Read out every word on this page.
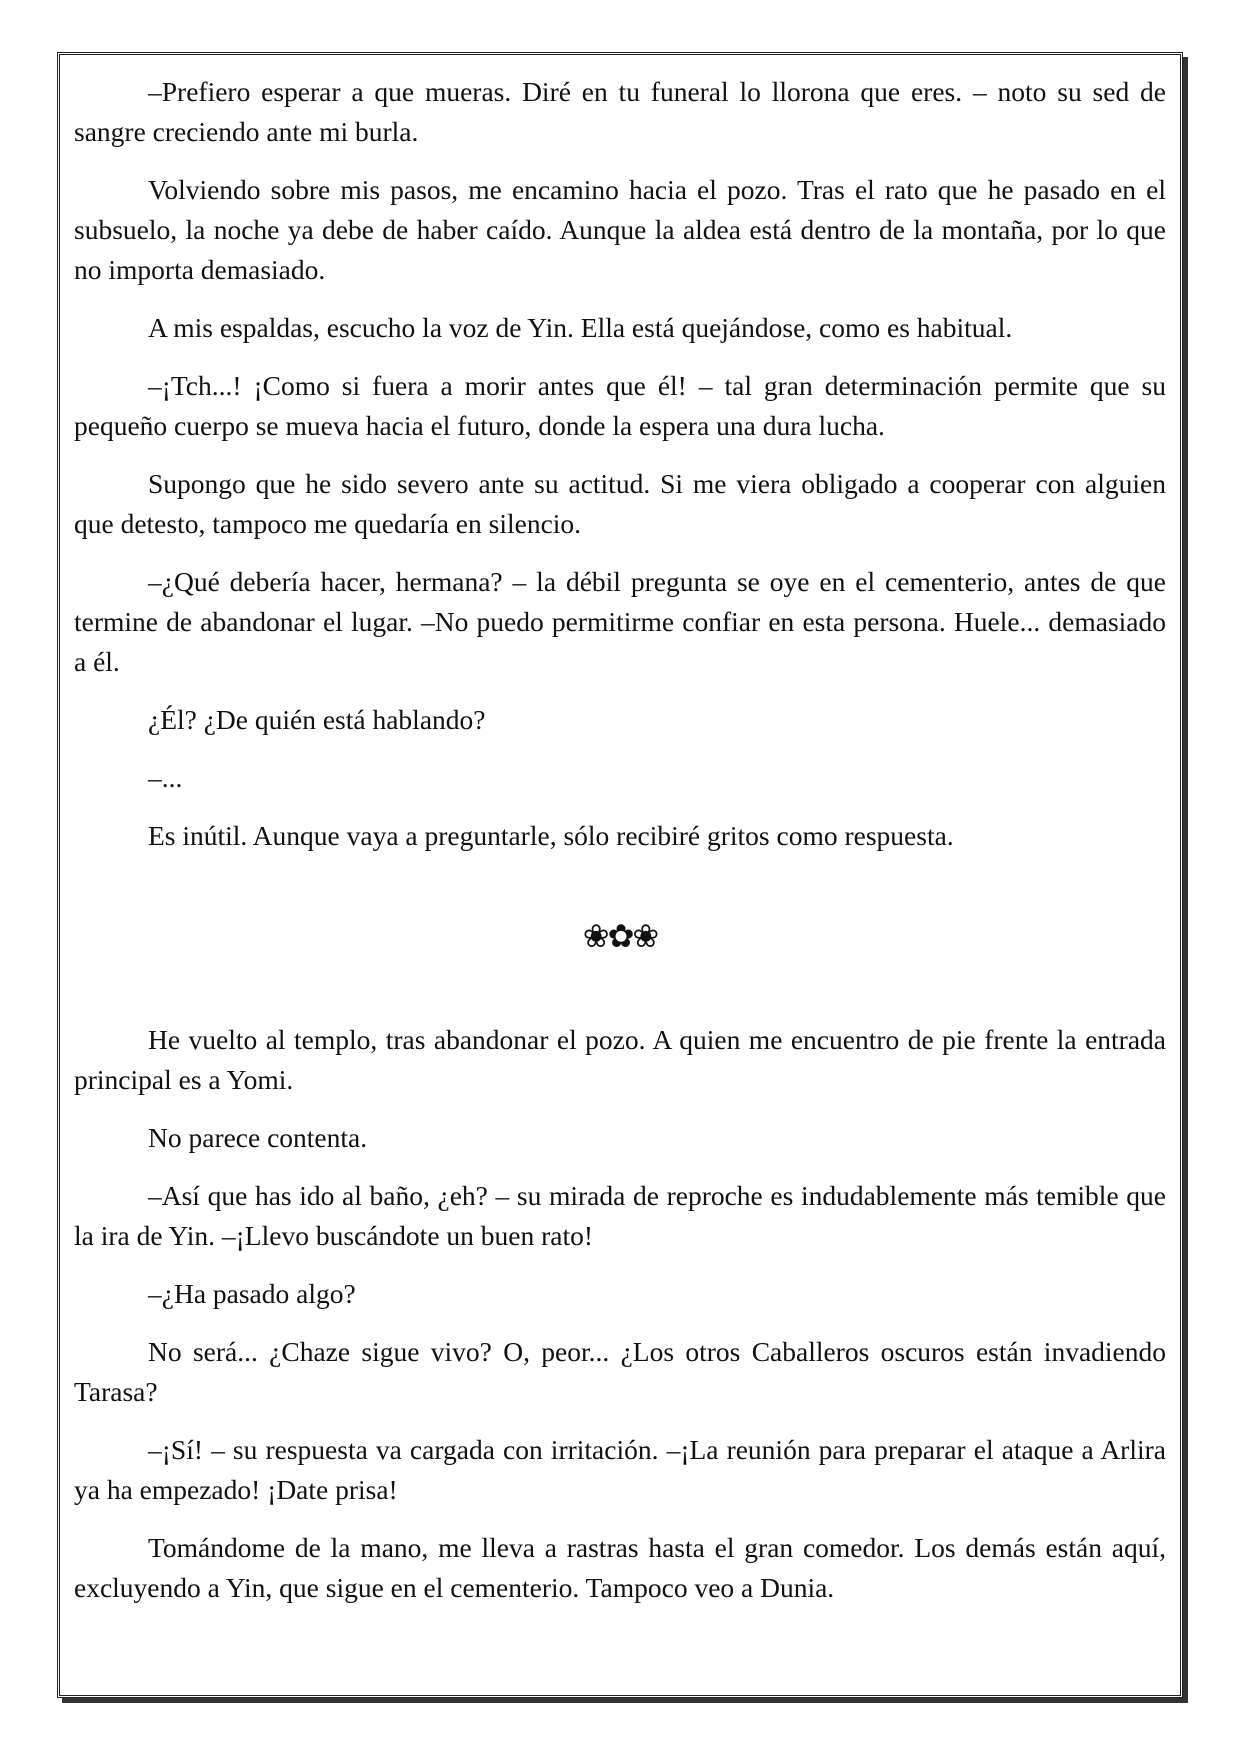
–Prefiero esperar a que mueras. Diré en tu funeral lo llorona que eres. – noto su sed de sangre creciendo ante mi burla.

Volviendo sobre mis pasos, me encamino hacia el pozo. Tras el rato que he pasado en el subsuelo, la noche ya debe de haber caído. Aunque la aldea está dentro de la montaña, por lo que no importa demasiado.

A mis espaldas, escucho la voz de Yin. Ella está quejándose, como es habitual.

–¡Tch...! ¡Como si fuera a morir antes que él! – tal gran determinación permite que su pequeño cuerpo se mueva hacia el futuro, donde la espera una dura lucha.

Supongo que he sido severo ante su actitud. Si me viera obligado a cooperar con alguien que detesto, tampoco me quedaría en silencio.

–¿Qué debería hacer, hermana? – la débil pregunta se oye en el cementerio, antes de que termine de abandonar el lugar. –No puedo permitirme confiar en esta persona. Huele... demasiado a él.

¿Él? ¿De quién está hablando?

–...

Es inútil. Aunque vaya a preguntarle, sólo recibiré gritos como respuesta.

❀✿❀

He vuelto al templo, tras abandonar el pozo. A quien me encuentro de pie frente la entrada principal es a Yomi.

No parece contenta.

–Así que has ido al baño, ¿eh? – su mirada de reproche es indudablemente más temible que la ira de Yin. –¡Llevo buscándote un buen rato!

–¿Ha pasado algo?

No será... ¿Chaze sigue vivo? O, peor... ¿Los otros Caballeros oscuros están invadiendo Tarasa?

–¡Sí! – su respuesta va cargada con irritación. –¡La reunión para preparar el ataque a Arlira ya ha empezado! ¡Date prisa!

Tomándome de la mano, me lleva a rastras hasta el gran comedor. Los demás están aquí, excluyendo a Yin, que sigue en el cementerio. Tampoco veo a Dunia.
